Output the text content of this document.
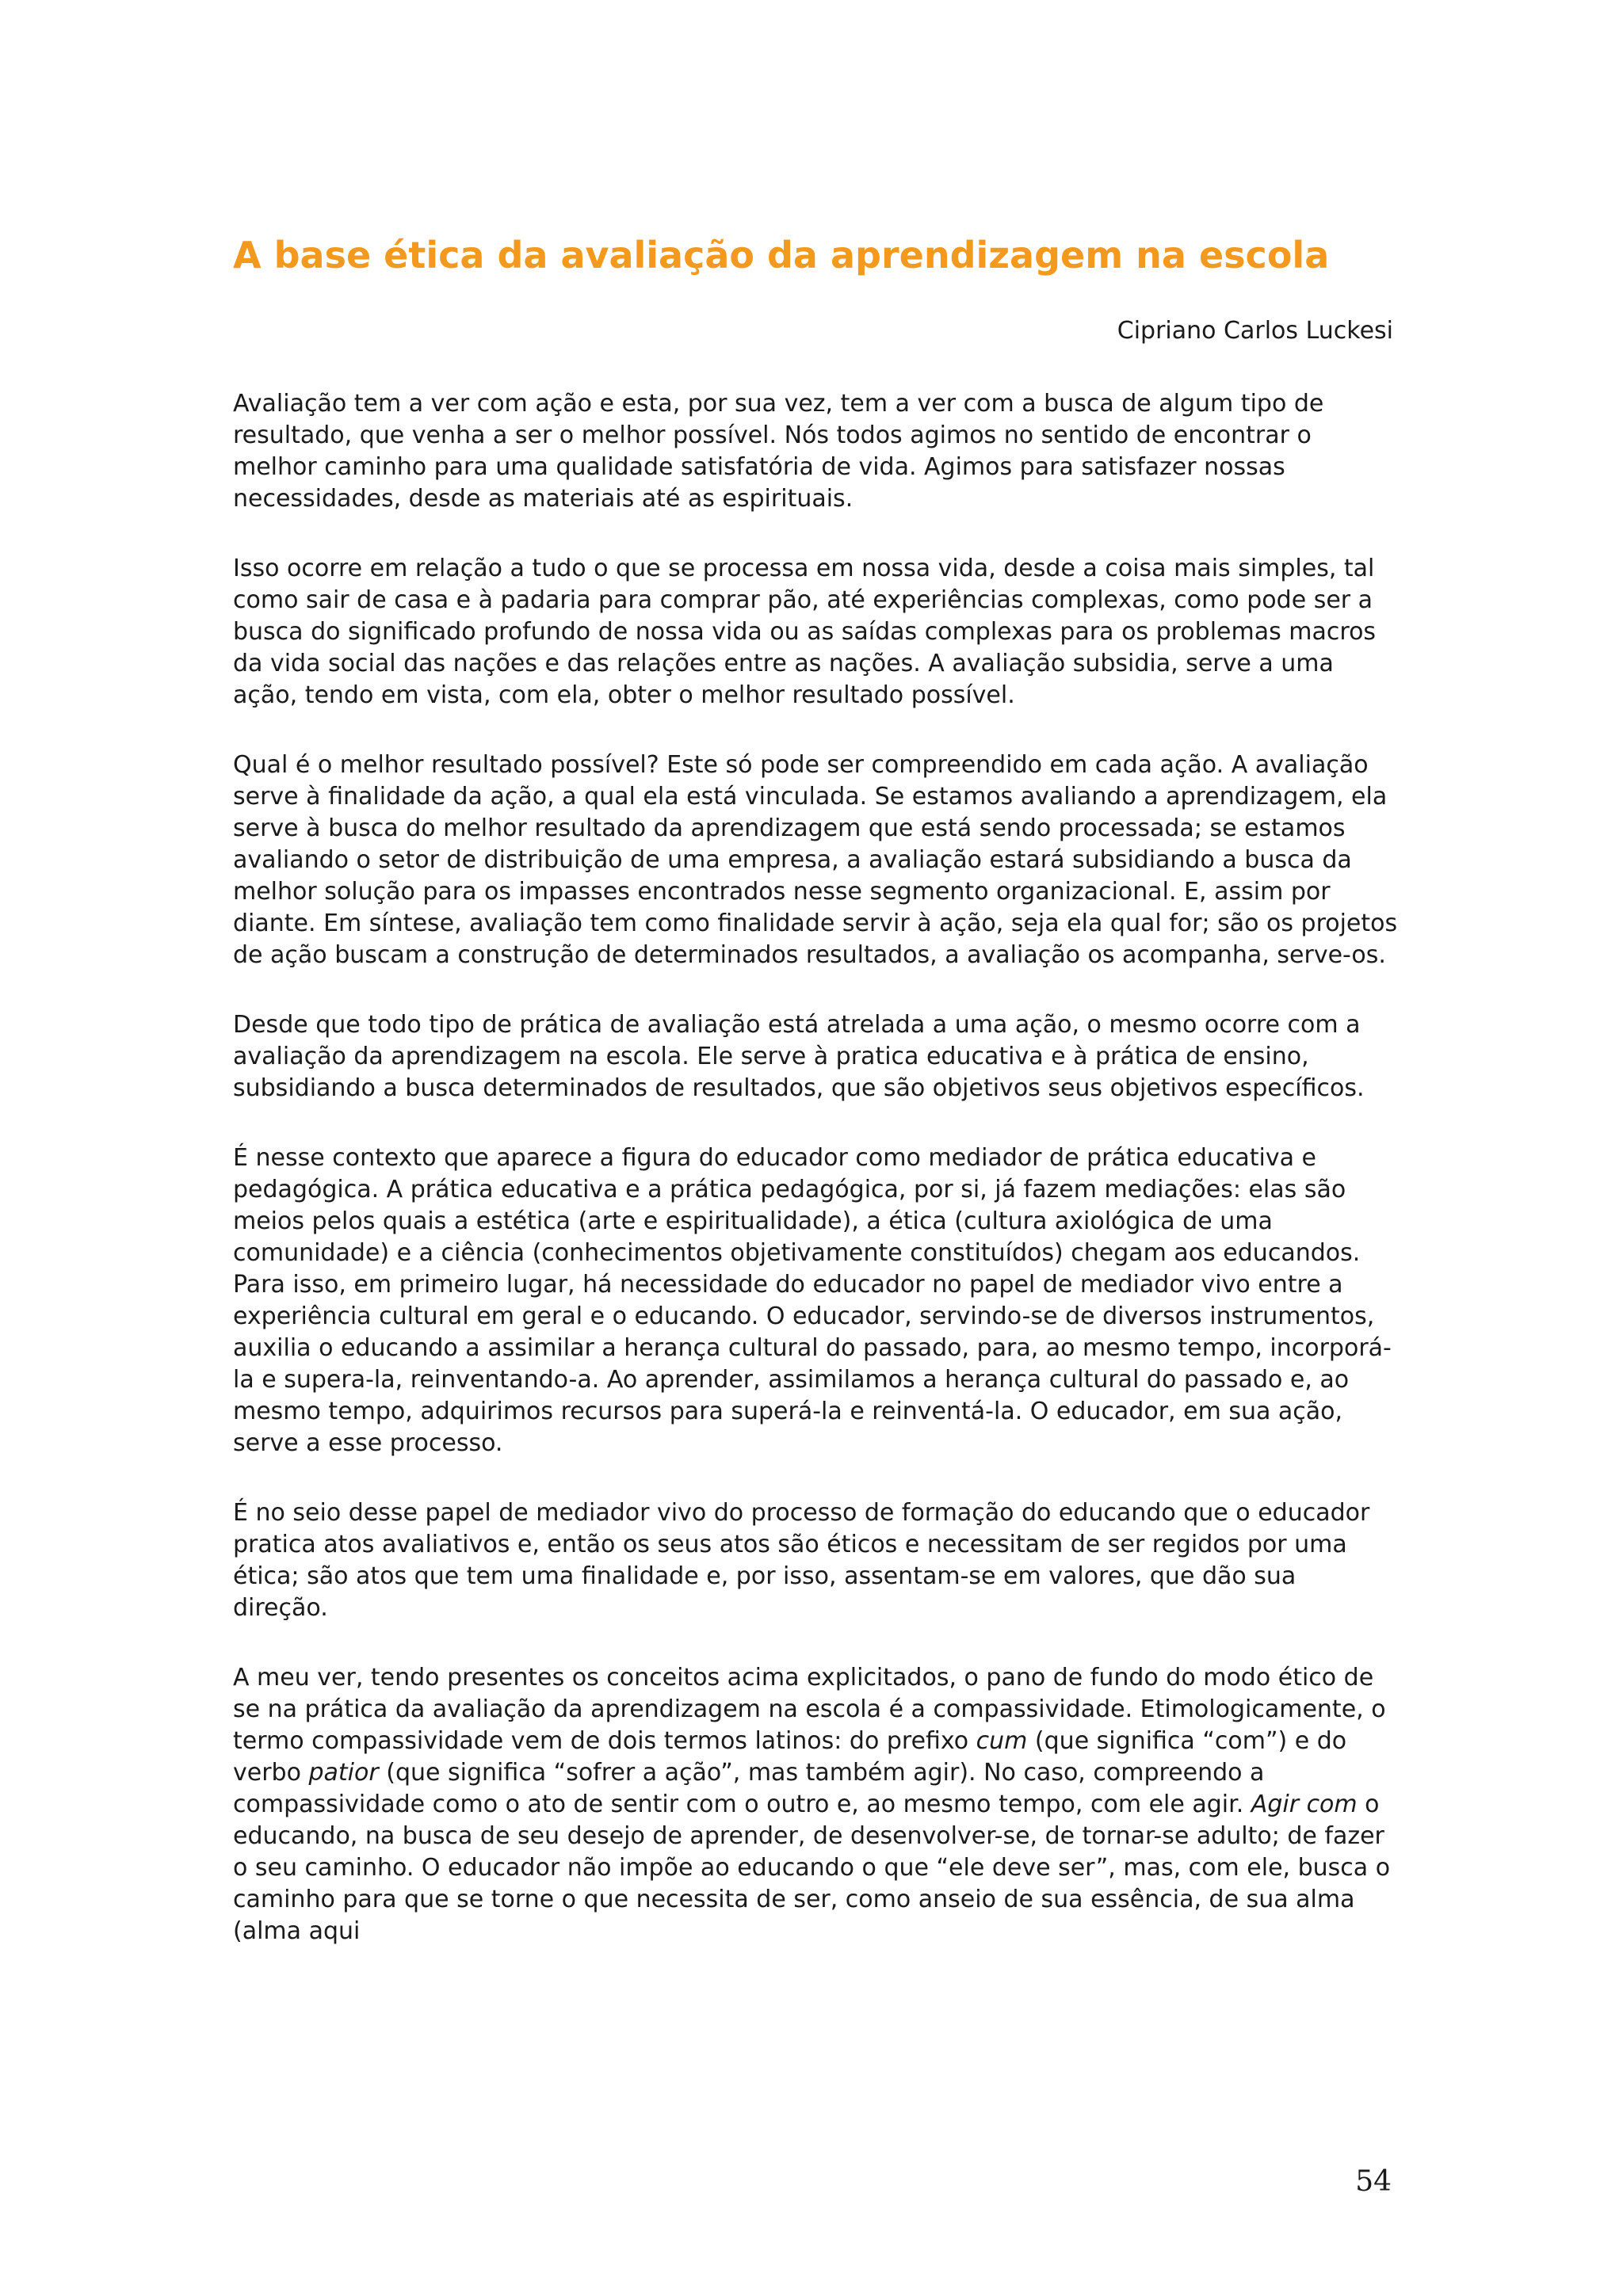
A base ética da avaliação da aprendizagem na escola
Cipriano Carlos Luckesi

Avaliação tem a ver com ação e esta, por sua vez, tem a ver com a busca de algum tipo de resultado, que venha a ser o melhor possível. Nós todos agimos no sentido de encontrar o melhor caminho para uma qualidade satisfatória de vida. Agimos para satisfazer nossas necessidades, desde as materiais até as espirituais.

Isso ocorre em relação a tudo o que se processa em nossa vida, desde a coisa mais simples, tal como sair de casa e à padaria para comprar pão, até experiências complexas, como pode ser a busca do significado profundo de nossa vida ou as saídas complexas para os problemas macros da vida social das nações e das relações entre as nações. A avaliação subsidia, serve a uma ação, tendo em vista, com ela, obter o melhor resultado possível.

Qual é o melhor resultado possível? Este só pode ser compreendido em cada ação. A avaliação serve à finalidade da ação, a qual ela está vinculada. Se estamos avaliando a aprendizagem, ela serve à busca do melhor resultado da aprendizagem que está sendo processada; se estamos avaliando o setor de distribuição de uma empresa, a avaliação estará subsidiando a busca da melhor solução para os impasses encontrados nesse segmento organizacional. E, assim por diante. Em síntese, avaliação tem como finalidade servir à ação, seja ela qual for; são os projetos de ação buscam a construção de determinados resultados, a avaliação os acompanha, serve-os.

Desde que todo tipo de prática de avaliação está atrelada a uma ação, o mesmo ocorre com a avaliação da aprendizagem na escola. Ele serve à pratica educativa e à prática de ensino, subsidiando a busca determinados de resultados, que são objetivos seus objetivos específicos.

É nesse contexto que aparece a figura do educador como mediador de prática educativa e pedagógica. A prática educativa e a prática pedagógica, por si, já fazem mediações: elas são meios pelos quais a estética (arte e espiritualidade), a ética (cultura axiológica de uma comunidade) e a ciência (conhecimentos objetivamente constituídos) chegam aos educandos. Para isso, em primeiro lugar, há necessidade do educador no papel de mediador vivo entre a experiência cultural em geral e o educando. O educador, servindo-se de diversos instrumentos, auxilia o educando a assimilar a herança cultural do passado, para, ao mesmo tempo, incorporá-la e supera-la, reinventando-a. Ao aprender, assimilamos a herança cultural do passado e, ao mesmo tempo, adquirimos recursos para superá-la e reinventá-la. O educador, em sua ação, serve a esse processo.

É no seio desse papel de mediador vivo do processo de formação do educando que o educador pratica atos avaliativos e, então os seus atos são éticos e necessitam de ser regidos por uma ética; são atos que tem uma finalidade e, por isso, assentam-se em valores, que dão sua direção.

A meu ver, tendo presentes os conceitos acima explicitados, o pano de fundo do modo ético de se na prática da avaliação da aprendizagem na escola é a compassividade. Etimologicamente, o termo compassividade vem de dois termos latinos: do prefixo cum (que significa “com”) e do verbo patior (que significa “sofrer a ação”, mas também agir). No caso, compreendo a compassividade como o ato de sentir com o outro e, ao mesmo tempo, com ele agir. Agir com o educando, na busca de seu desejo de aprender, de desenvolver-se, de tornar-se adulto; de fazer o seu caminho. O educador não impõe ao educando o que “ele deve ser”, mas, com ele, busca o caminho para que se torne o que necessita de ser, como anseio de sua essência, de sua alma (alma aqui

54
